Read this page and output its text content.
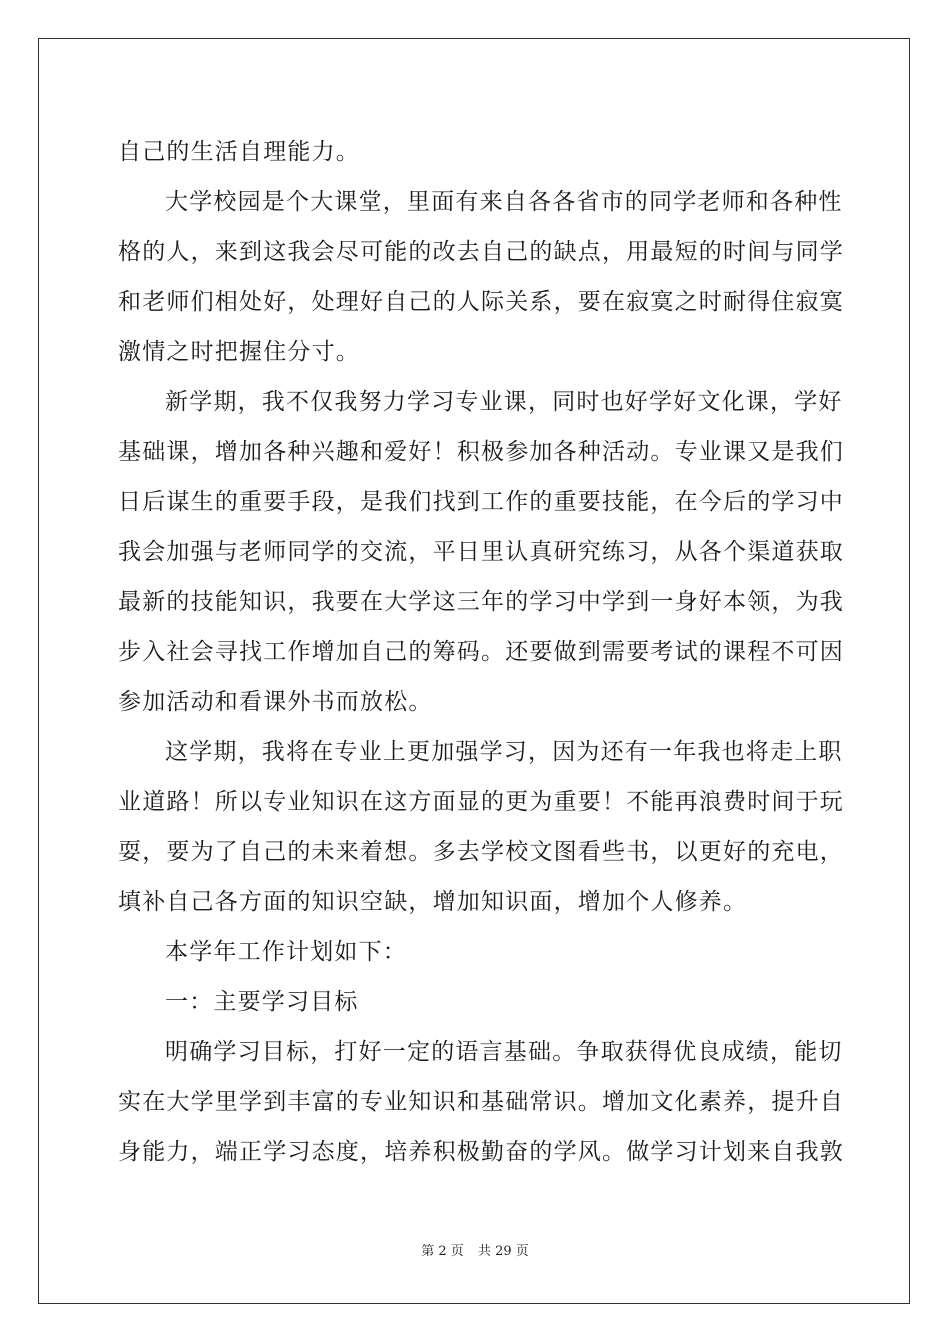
自己的生活自理能力。
大学校园是个大课堂，里面有来自各各省市的同学老师和各种性
格的人，来到这我会尽可能的改去自己的缺点，用最短的时间与同学
和老师们相处好，处理好自己的人际关系，要在寂寞之时耐得住寂寞
激情之时把握住分寸。
新学期，我不仅我努力学习专业课，同时也好学好文化课，学好
基础课，增加各种兴趣和爱好！积极参加各种活动。专业课又是我们
日后谋生的重要手段，是我们找到工作的重要技能，在今后的学习中
我会加强与老师同学的交流，平日里认真研究练习，从各个渠道获取
最新的技能知识，我要在大学这三年的学习中学到一身好本领，为我
步入社会寻找工作增加自己的筹码。还要做到需要考试的课程不可因
参加活动和看课外书而放松。
这学期，我将在专业上更加强学习，因为还有一年我也将走上职
业道路！所以专业知识在这方面显的更为重要！不能再浪费时间于玩
耍，要为了自己的未来着想。多去学校文图看些书，以更好的充电，
填补自己各方面的知识空缺，增加知识面，增加个人修养。
本学年工作计划如下：
一：主要学习目标
明确学习目标，打好一定的语言基础。争取获得优良成绩，能切
实在大学里学到丰富的专业知识和基础常识。增加文化素养，提升自
身能力，端正学习态度，培养积极勤奋的学风。做学习计划来自我敦
第 2 页 共 29 页
